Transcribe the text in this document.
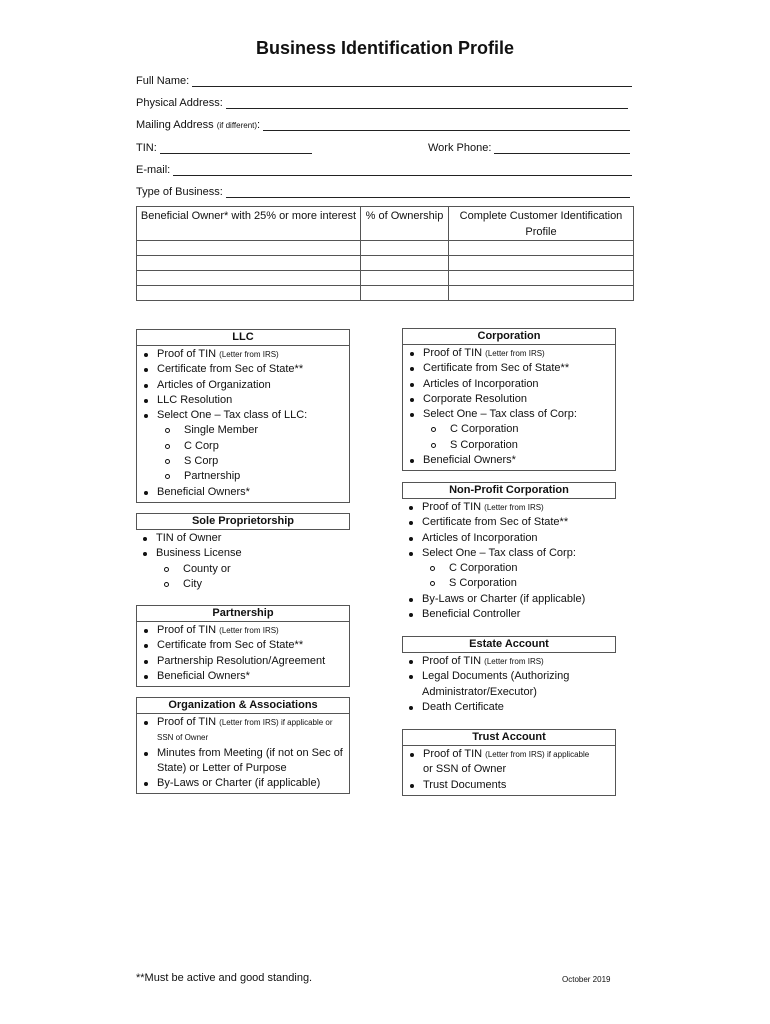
Business Identification Profile
Full Name:
Physical Address:
Mailing Address (if different):
TIN:	Work Phone:
E-mail:
Type of Business:
Beneficial Owner* with 25% or more interest	% of Ownership	Complete Customer Identification Profile

LLC
Proof of TIN (Letter from IRS)
Certificate from Sec of State**
Articles of Organization
LLC Resolution
Select One – Tax class of LLC:
Single Member
C Corp
S Corp
Partnership
Beneficial Owners*
Sole Proprietorship
TIN of Owner
Business License
County or
City
Partnership
Proof of TIN (Letter from IRS)
Certificate from Sec of State**
Partnership Resolution/Agreement
Beneficial Owners*
Organization & Associations
Proof of TIN (Letter from IRS) if applicable or SSN of Owner
Minutes from Meeting (if not on Sec of State) or Letter of Purpose
By-Laws or Charter (if applicable)
Corporation
Proof of TIN (Letter from IRS)
Certificate from Sec of State**
Articles of Incorporation
Corporate Resolution
Select One – Tax class of Corp:
C Corporation
S Corporation
Beneficial Owners*
Non-Profit Corporation
Proof of TIN (Letter from IRS)
Certificate from Sec of State**
Articles of Incorporation
Select One – Tax class of Corp:
C Corporation
S Corporation
By-Laws or Charter (if applicable)
Beneficial Controller
Estate Account
Proof of TIN (Letter from IRS)
Legal Documents (Authorizing Administrator/Executor)
Death Certificate
Trust Account
Proof of TIN (Letter from IRS) if applicable
or SSN of Owner
Trust Documents
**Must be active and good standing.	October 2019
